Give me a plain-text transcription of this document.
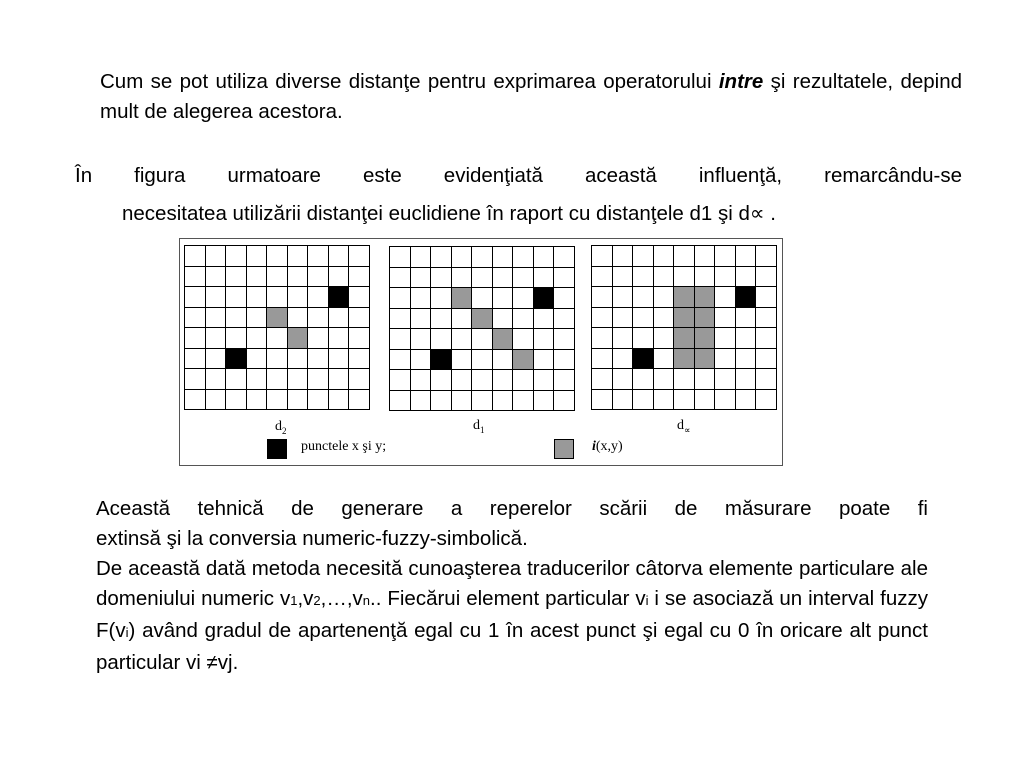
Cum se pot utiliza diverse distanţe pentru exprimarea operatorului intre şi rezultatele, depind mult de alegerea acestora.

În figura urmatoare este evidenţiată această influenţă, remarcându-se
necesitatea utilizării distanţei euclidiene în raport cu distanţele d1 şi d∝ .

$d_2$	$d_1$	$d_\propto$
punctele x şi y;	i(x,y)

Această tehnică de generare a reperelor scării de măsurare poate fi
extinsă şi la conversia numeric-fuzzy-simbolică.

De această dată metoda necesită cunoaşterea traducerilor câtorva elemente particulare ale domeniului numeric v1,v2,…,vn.. Fiecărui element particular vi i se asociază un interval fuzzy F(vi) având gradul de apartenenţă egal cu 1 în acest punct şi egal cu 0 în oricare alt punct particular vi ≠vj.
